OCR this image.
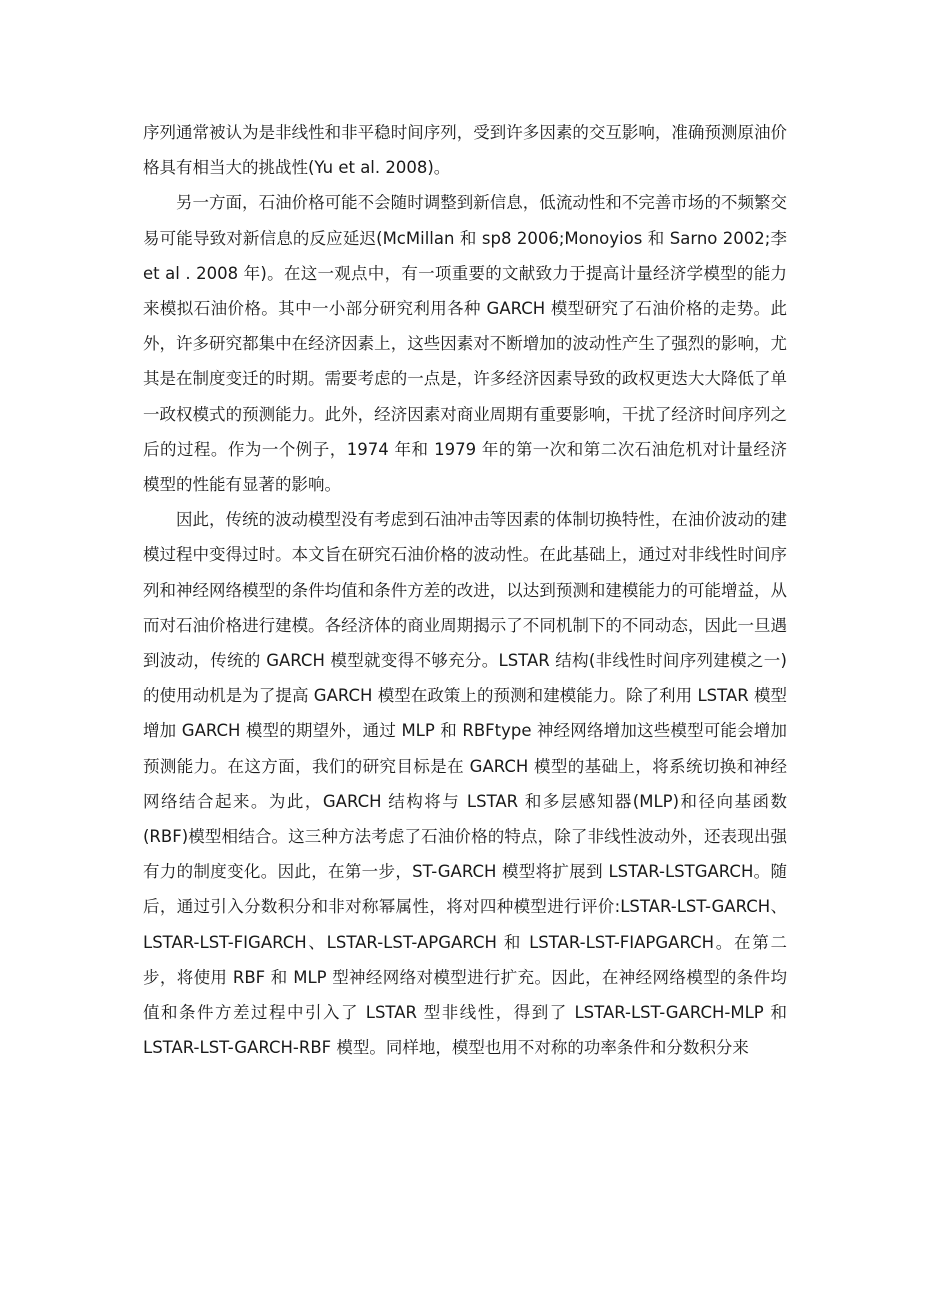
序列通常被认为是非线性和非平稳时间序列，受到许多因素的交互影响，准确预测原油价格具有相当大的挑战性(Yu et al. 2008)。

另一方面，石油价格可能不会随时调整到新信息，低流动性和不完善市场的不频繁交易可能导致对新信息的反应延迟(McMillan 和 sp8 2006;Monoyios 和 Sarno 2002;李 et al . 2008 年)。在这一观点中，有一项重要的文献致力于提高计量经济学模型的能力来模拟石油价格。其中一小部分研究利用各种 GARCH 模型研究了石油价格的走势。此外，许多研究都集中在经济因素上，这些因素对不断增加的波动性产生了强烈的影响，尤其是在制度变迁的时期。需要考虑的一点是，许多经济因素导致的政权更迭大大降低了单一政权模式的预测能力。此外，经济因素对商业周期有重要影响，干扰了经济时间序列之后的过程。作为一个例子，1974 年和 1979 年的第一次和第二次石油危机对计量经济模型的性能有显著的影响。

因此，传统的波动模型没有考虑到石油冲击等因素的体制切换特性，在油价波动的建模过程中变得过时。本文旨在研究石油价格的波动性。在此基础上，通过对非线性时间序列和神经网络模型的条件均值和条件方差的改进，以达到预测和建模能力的可能增益，从而对石油价格进行建模。各经济体的商业周期揭示了不同机制下的不同动态，因此一旦遇到波动，传统的 GARCH 模型就变得不够充分。LSTAR 结构(非线性时间序列建模之一)的使用动机是为了提高 GARCH 模型在政策上的预测和建模能力。除了利用 LSTAR 模型增加 GARCH 模型的期望外，通过 MLP 和 RBFtype 神经网络增加这些模型可能会增加预测能力。在这方面，我们的研究目标是在 GARCH 模型的基础上，将系统切换和神经网络结合起来。为此，GARCH 结构将与 LSTAR 和多层感知器(MLP)和径向基函数(RBF)模型相结合。这三种方法考虑了石油价格的特点，除了非线性波动外，还表现出强有力的制度变化。因此，在第一步，ST-GARCH 模型将扩展到 LSTAR-LSTGARCH。随后，通过引入分数积分和非对称幂属性，将对四种模型进行评价:LSTAR-LST-GARCH、LSTAR-LST-FIGARCH、LSTAR-LST-APGARCH 和 LSTAR-LST-FIAPGARCH。在第二步，将使用 RBF 和 MLP 型神经网络对模型进行扩充。因此，在神经网络模型的条件均值和条件方差过程中引入了 LSTAR 型非线性，得到了 LSTAR-LST-GARCH-MLP 和 LSTAR-LST-GARCH-RBF 模型。同样地，模型也用不对称的功率条件和分数积分来
